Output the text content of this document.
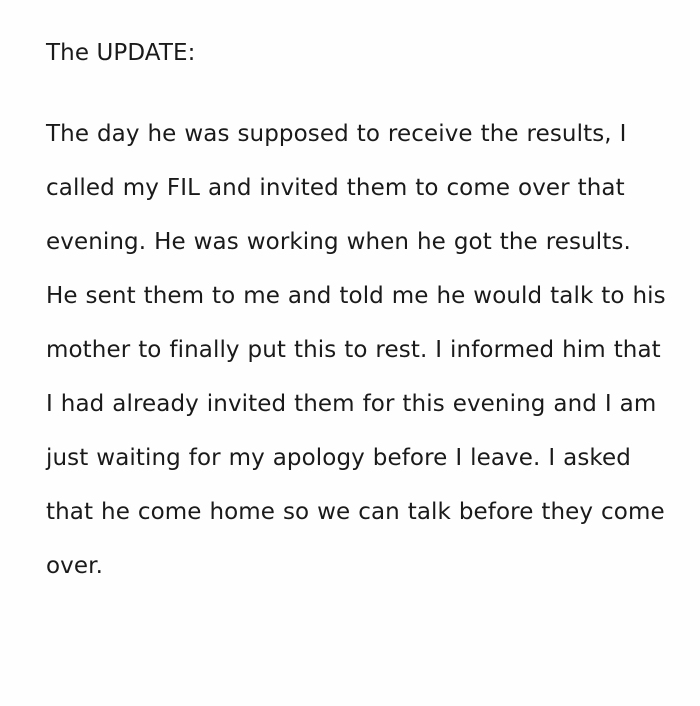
The UPDATE:

The day he was supposed to receive the results, I called my FIL and invited them to come over that evening. He was working when he got the results. He sent them to me and told me he would talk to his mother to finally put this to rest. I informed him that I had already invited them for this evening and I am just waiting for my apology before I leave. I asked that he come home so we can talk before they come over.
